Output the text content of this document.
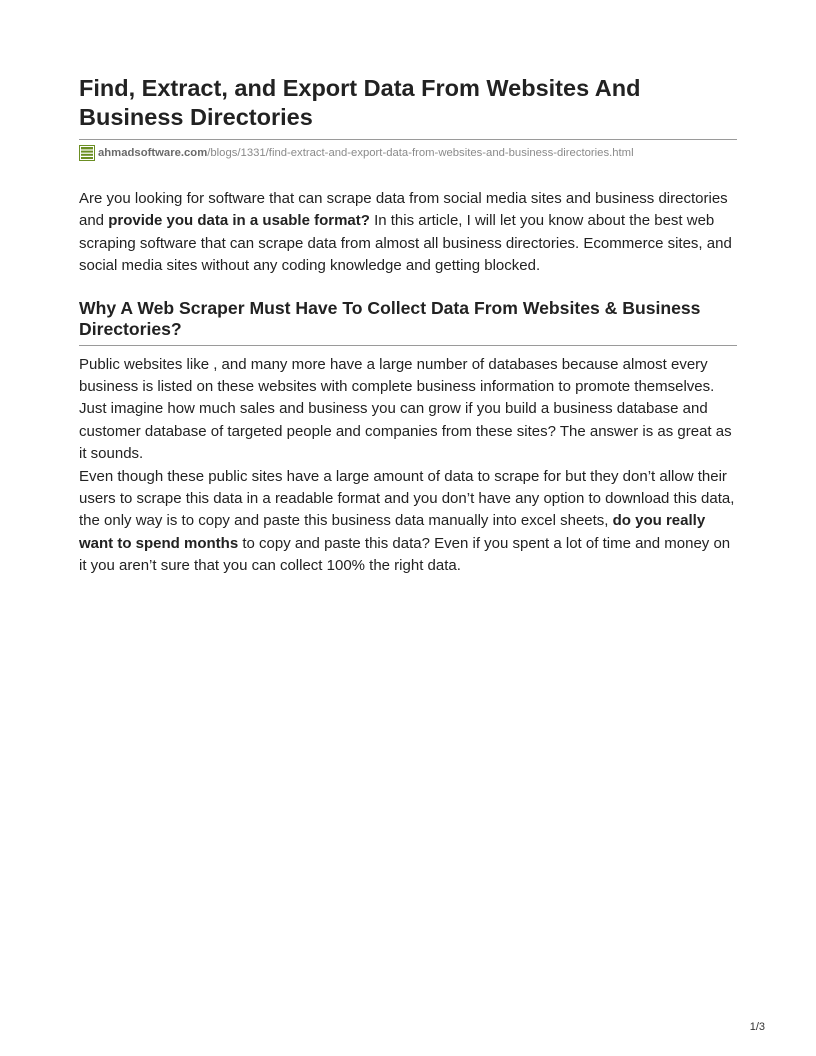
Find, Extract, and Export Data From Websites And Business Directories
ahmadsoftware.com /blogs/1331/find-extract-and-export-data-from-websites-and-business-directories.html

Are you looking for software that can scrape data from social media sites and business directories and provide you data in a usable format? In this article, I will let you know about the best web scraping software that can scrape data from almost all business directories. Ecommerce sites, and social media sites without any coding knowledge and getting blocked.

Why A Web Scraper Must Have To Collect Data From Websites & Business Directories?

Public websites like , and many more have a large number of databases because almost every business is listed on these websites with complete business information to promote themselves. Just imagine how much sales and business you can grow if you build a business database and customer database of targeted people and companies from these sites? The answer is as great as it sounds.

Even though these public sites have a large amount of data to scrape for but they don’t allow their users to scrape this data in a readable format and you don’t have any option to download this data, the only way is to copy and paste this business data manually into excel sheets, do you really want to spend months to copy and paste this data? Even if you spent a lot of time and money on it you aren’t sure that you can collect 100% the right data.

1/3
